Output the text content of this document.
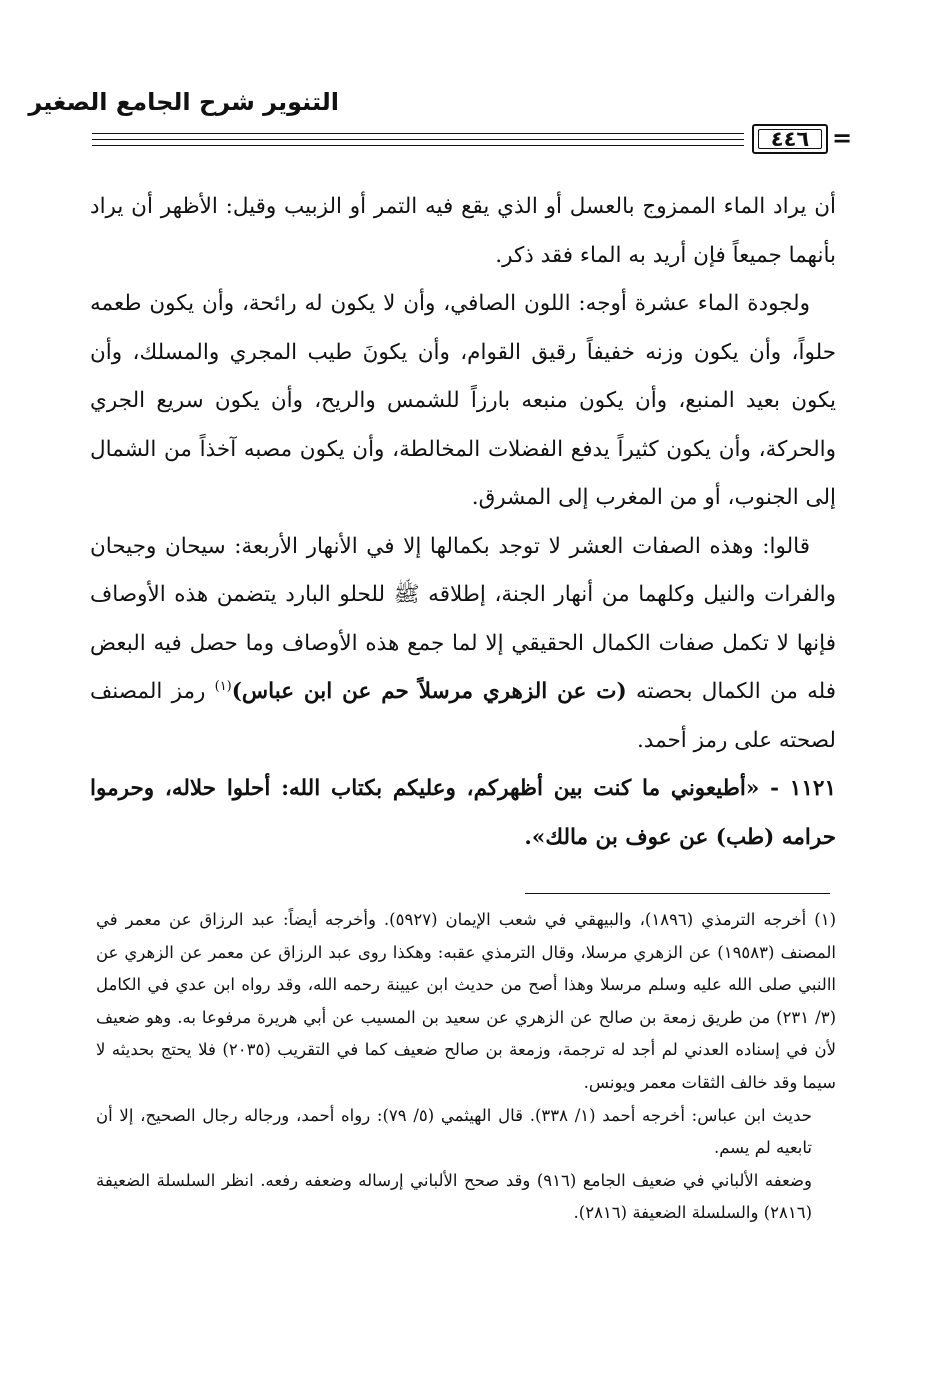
التنوير شرح الجامع الصغير
٤٤٦ =

أن يراد الماء الممزوج بالعسل أو الذي يقع فيه التمر أو الزبيب وقيل: الأظهر أن يراد بأنهما جميعاً فإن أريد به الماء فقد ذكر.

ولجودة الماء عشرة أوجه: اللون الصافي، وأن لا يكون له رائحة، وأن يكون طعمه حلواً، وأن يكون وزنه خفيفاً رقيق القوام، وأن يكونَ طيب المجري والمسلك، وأن يكون بعيد المنبع، وأن يكون منبعه بارزاً للشمس والريح، وأن يكون سريع الجري والحركة، وأن يكون كثيراً يدفع الفضلات المخالطة، وأن يكون مصبه آخذاً من الشمال إلى الجنوب، أو من المغرب إلى المشرق.

قالوا: وهذه الصفات العشر لا توجد بكمالها إلا في الأنهار الأربعة: سيحان وجيحان والفرات والنيل وكلهما من أنهار الجنة، إطلاقه ﷺ للحلو البارد يتضمن هذه الأوصاف فإنها لا تكمل صفات الكمال الحقيقي إلا لما جمع هذه الأوصاف وما حصل فيه البعض فله من الكمال بحصته (ت عن الزهري مرسلاً حم عن ابن عباس)$^{(١)}$ رمز المصنف لصحته على رمز أحمد.

١١٢١ - «أطيعوني ما كنت بين أظهركم، وعليكم بكتاب الله: أحلوا حلاله، وحرموا حرامه (طب) عن عوف بن مالك».

(١) أخرجه الترمذي (١٨٩٦)، والبيهقي في شعب الإيمان (٥٩٢٧). وأخرجه أيضاً: عبد الرزاق عن معمر في المصنف (١٩٥٨٣) عن الزهري مرسلا، وقال الترمذي عقبه: وهكذا روى عبد الرزاق عن معمر عن الزهري عن االنبي صلى الله عليه وسلم مرسلا وهذا أصح من حديث ابن عيينة رحمه الله، وقد رواه ابن عدي في الكامل (٣/ ٢٣١) من طريق زمعة بن صالح عن الزهري عن سعيد بن المسيب عن أبي هريرة مرفوعا به. وهو ضعيف لأن في إسناده العدني لم أجد له ترجمة، وزمعة بن صالح ضعيف كما في التقريب (٢٠٣٥) فلا يحتج بحديثه لا سيما وقد خالف الثقات معمر ويونس.

حديث ابن عباس: أخرجه أحمد (١/ ٣٣٨). قال الهيثمي (٥/ ٧٩): رواه أحمد، ورجاله رجال الصحيح، إلا أن تابعيه لم يسم.

وضعفه الألباني في ضعيف الجامع (٩١٦) وقد صحح الألباني إرساله وضعفه رفعه. انظر السلسلة الضعيفة (٢٨١٦) والسلسلة الضعيفة (٢٨١٦).
